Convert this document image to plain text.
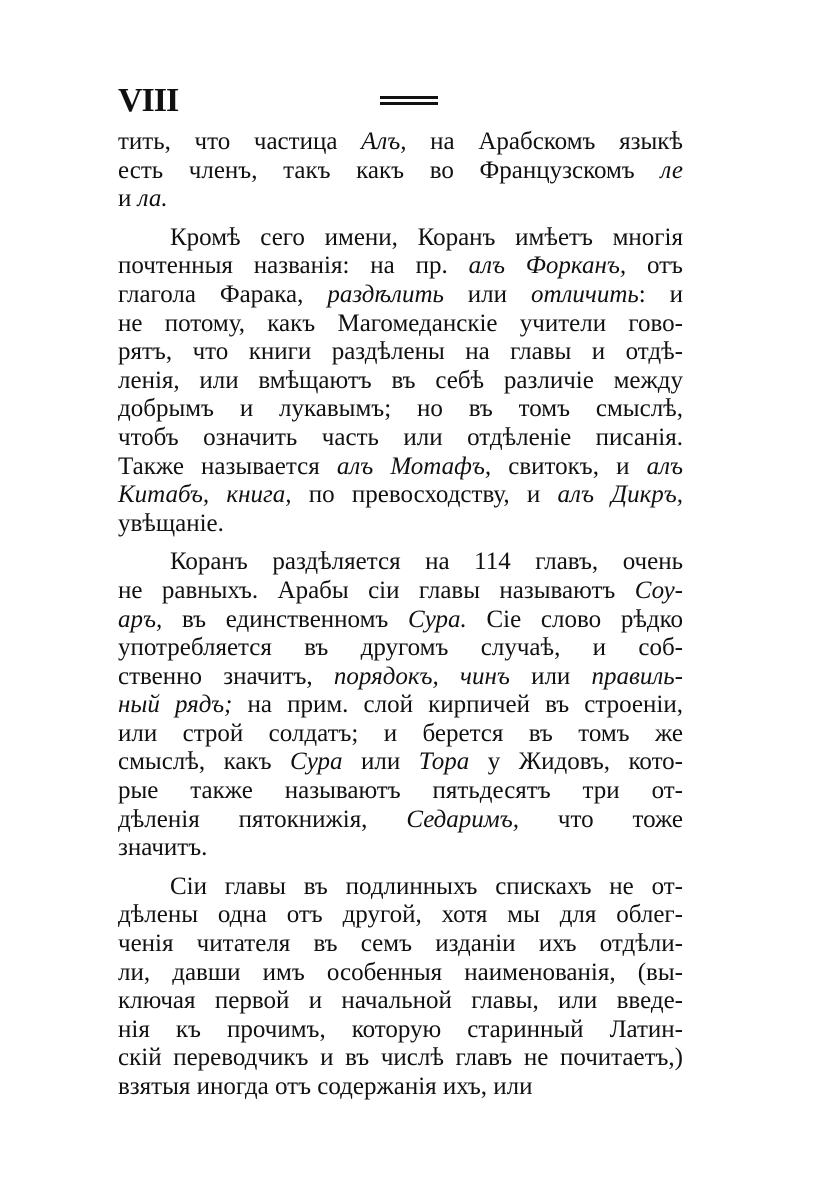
VIII
тить, что частица Алъ, на Арабскомъ языкѣ
есть членъ, такъ какъ во Французскомъ ле
и ла.
Кромѣ сего имени, Коранъ имѣетъ многія
почтенныя названія: на пр. алъ Форканъ, отъ
глагола Фарака, раздѣлить или отличить: и
не потому, какъ Магомеданскіе учители гово-
рятъ, что книги раздѣлены на главы и отдѣ-
ленія, или вмѣщаютъ въ себѣ различіе между
добрымъ и лукавымъ; но въ томъ смыслѣ,
чтобъ означить часть или отдѣленіе писанія.
Также называется алъ Мотафъ, свитокъ, и алъ
Китабъ, книга, по превосходству, и алъ Дикръ,
увѣщаніе.
Коранъ раздѣляется на 114 главъ, очень
не равныхъ. Арабы сіи главы называютъ Соу-
аръ, въ единственномъ Сура. Сіе слово рѣдко
употребляется въ другомъ случаѣ, и соб-
ственно значитъ, порядокъ, чинъ или правиль-
ный рядъ; на прим. слой кирпичей въ строеніи,
или строй солдатъ; и берется въ томъ же
смыслѣ, какъ Сура или Тора у Жидовъ, кото-
рые также называютъ пятьдесятъ три от-
дѣленія пятокнижія, Седаримъ, что тоже
значитъ.
Сіи главы въ подлинныхъ спискахъ не от-
дѣлены одна отъ другой, хотя мы для облег-
ченія читателя въ семъ изданіи ихъ отдѣли-
ли, давши имъ особенныя наименованія, (вы-
ключая первой и начальной главы, или введе-
нія къ прочимъ, которую старинный Латин-
скій переводчикъ и въ числѣ главъ не почитаетъ,)
взятыя иногда отъ содержанія ихъ, или
